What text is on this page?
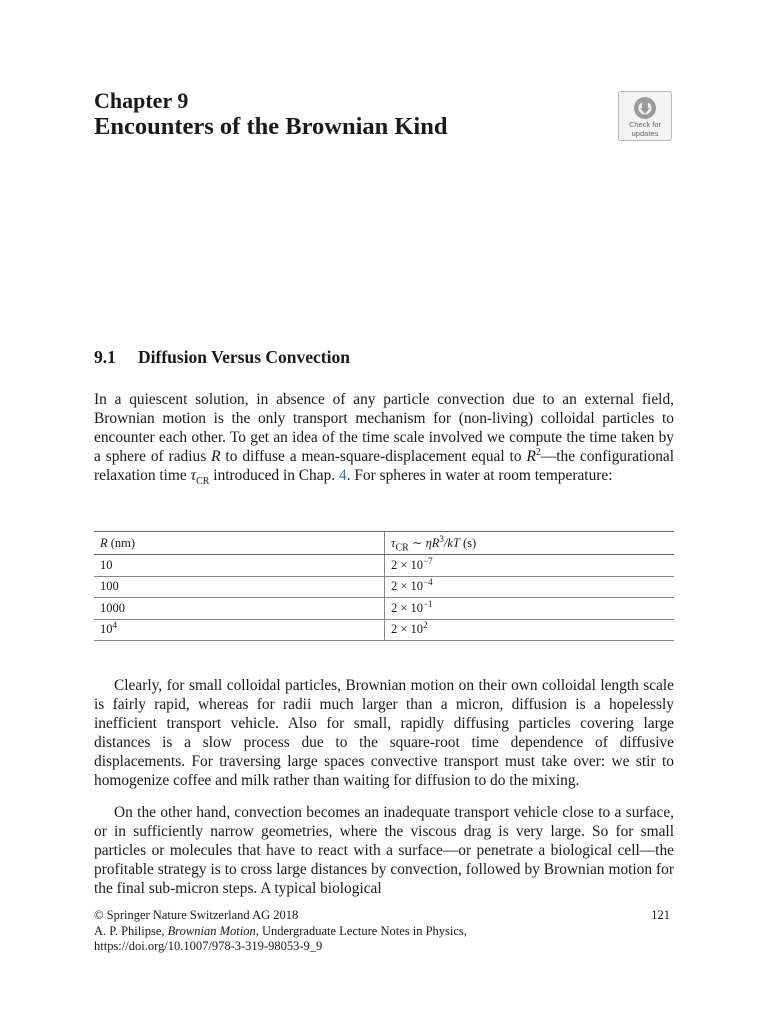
Chapter 9
Encounters of the Brownian Kind	Check for
updates
9.1 Diffusion Versus Convection

In a quiescent solution, in absence of any particle convection due to an external field, Brownian motion is the only transport mechanism for (non-living) colloidal particles to encounter each other. To get an idea of the time scale involved we compute the time taken by a sphere of radius R to diffuse a mean-square-displacement equal to $R^2—the$ configurational relaxation time $\tau_{CR}$ introduced in Chap. 4. For spheres in water at room temperature:

R (nm)	$\tau_{CR}$ ∼ $\eta R^3/kT$ (s)
10	$2 \times 10^{-7}$
100	$2 \times 10^{-4}$
1000	$2 \times 10^{-1}$
$10^4$	$2 \times 10^2$

Clearly, for small colloidal particles, Brownian motion on their own colloidal length scale is fairly rapid, whereas for radii much larger than a micron, diffusion is a hopelessly inefficient transport vehicle. Also for small, rapidly diffusing particles covering large distances is a slow process due to the square-root time dependence of diffusive displacements. For traversing large spaces convective transport must take over: we stir to homogenize coffee and milk rather than waiting for diffusion to do the mixing.

On the other hand, convection becomes an inadequate transport vehicle close to a surface, or in sufficiently narrow geometries, where the viscous drag is very large. So for small particles or molecules that have to react with a surface—or penetrate a biological cell—the profitable strategy is to cross large distances by convection, followed by Brownian motion for the final sub-micron steps. A typical biological

© Springer Nature Switzerland AG 2018	121
A. P. Philipse, Brownian Motion, Undergraduate Lecture Notes in Physics,
https://doi.org/10.1007/978-3-319-98053-9_9
